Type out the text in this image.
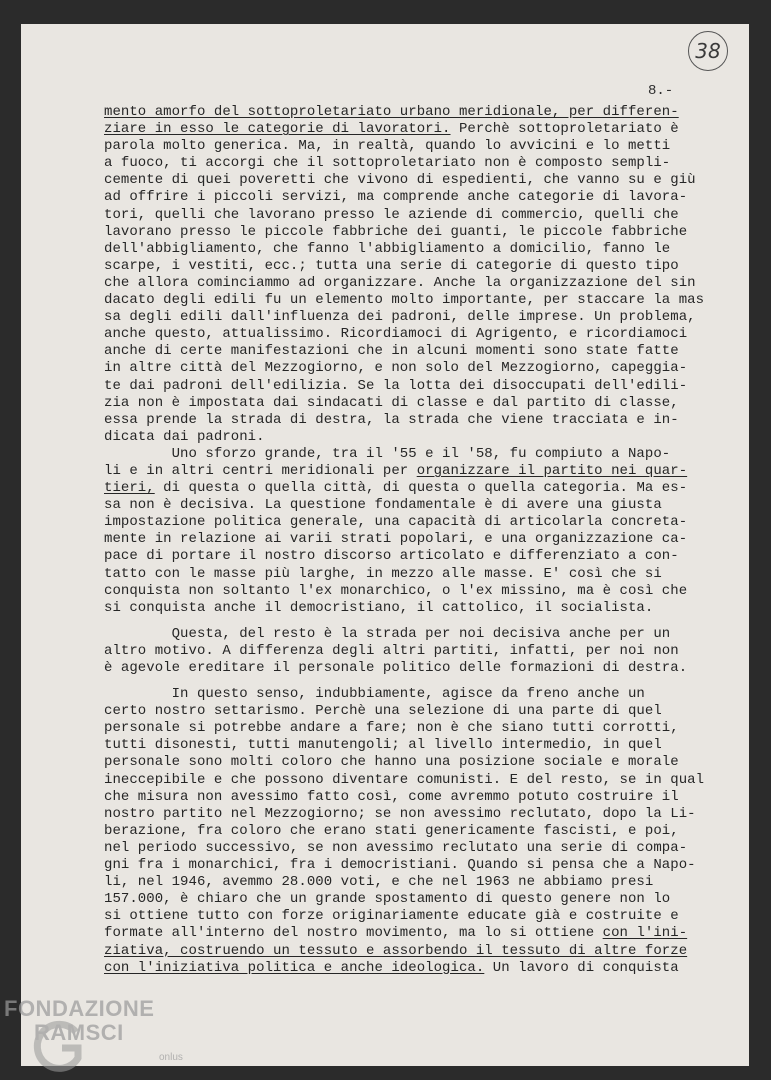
38
8.-
mento amorfo del sottoproletariato urbano meridionale, per differen-
ziare in esso le categorie di lavoratori. Perchè sottoproletariato è
parola molto generica. Ma, in realtà, quando lo avvicini e lo metti
a fuoco, ti accorgi che il sottoproletariato non è composto sempli-
cemente di quei poveretti che vivono di espedienti, che vanno su e giù
ad offrire i piccoli servizi, ma comprende anche categorie di lavora-
tori, quelli che lavorano presso le aziende di commercio, quelli che
lavorano presso le piccole fabbriche dei guanti, le piccole fabbriche
dell'abbigliamento, che fanno l'abbigliamento a domicilio, fanno le
scarpe, i vestiti, ecc.; tutta una serie di categorie di questo tipo
che allora cominciammo ad organizzare. Anche la organizzazione del sin
dacato degli edili fu un elemento molto importante, per staccare la mas
sa degli edili dall'influenza dei padroni, delle imprese. Un problema,
anche questo, attualissimo. Ricordiamoci di Agrigento, e ricordiamoci
anche di certe manifestazioni che in alcuni momenti sono state fatte
in altre città del Mezzogiorno, e non solo del Mezzogiorno, capeggia-
te dai padroni dell'edilizia. Se la lotta dei disoccupati dell'edili-
zia non è impostata dai sindacati di classe e dal partito di classe,
essa prende la strada di destra, la strada che viene tracciata e in-
dicata dai padroni.
Uno sforzo grande, tra il '55 e il '58, fu compiuto a Napo-
li e in altri centri meridionali per organizzare il partito nei quar-
tieri, di questa o quella città, di questa o quella categoria. Ma es-
sa non è decisiva. La questione fondamentale è di avere una giusta
impostazione politica generale, una capacità di articolarla concreta-
mente in relazione ai varii strati popolari, e una organizzazione ca-
pace di portare il nostro discorso articolato e differenziato a con-
tatto con le masse più larghe, in mezzo alle masse. E' così che si
conquista non soltanto l'ex monarchico, o l'ex missino, ma è così che
si conquista anche il democristiano, il cattolico, il socialista.
Questa, del resto è la strada per noi decisiva anche per un
altro motivo. A differenza degli altri partiti, infatti, per noi non
è agevole ereditare il personale politico delle formazioni di destra.
In questo senso, indubbiamente, agisce da freno anche un
certo nostro settarismo. Perchè una selezione di una parte di quel
personale si potrebbe andare a fare; non è che siano tutti corrotti,
tutti disonesti, tutti manutengoli; al livello intermedio, in quel
personale sono molti coloro che hanno una posizione sociale e morale
ineccepibile e che possono diventare comunisti. E del resto, se in qual
che misura non avessimo fatto così, come avremmo potuto costruire il
nostro partito nel Mezzogiorno; se non avessimo reclutato, dopo la Li-
berazione, fra coloro che erano stati genericamente fascisti, e poi,
nel periodo successivo, se non avessimo reclutato una serie di compa-
gni fra i monarchici, fra i democristiani. Quando si pensa che a Napo-
li, nel 1946, avemmo 28.000 voti, e che nel 1963 ne abbiamo presi
157.000, è chiaro che un grande spostamento di questo genere non lo
si ottiene tutto con forze originariamente educate già e costruite e
formate all'interno del nostro movimento, ma lo si ottiene con l'ini-
ziativa, costruendo un tessuto e assorbendo il tessuto di altre forze
con l'iniziativa politica e anche ideologica. Un lavoro di conquista
FONDAZIONE
RAMSCI
onlus
